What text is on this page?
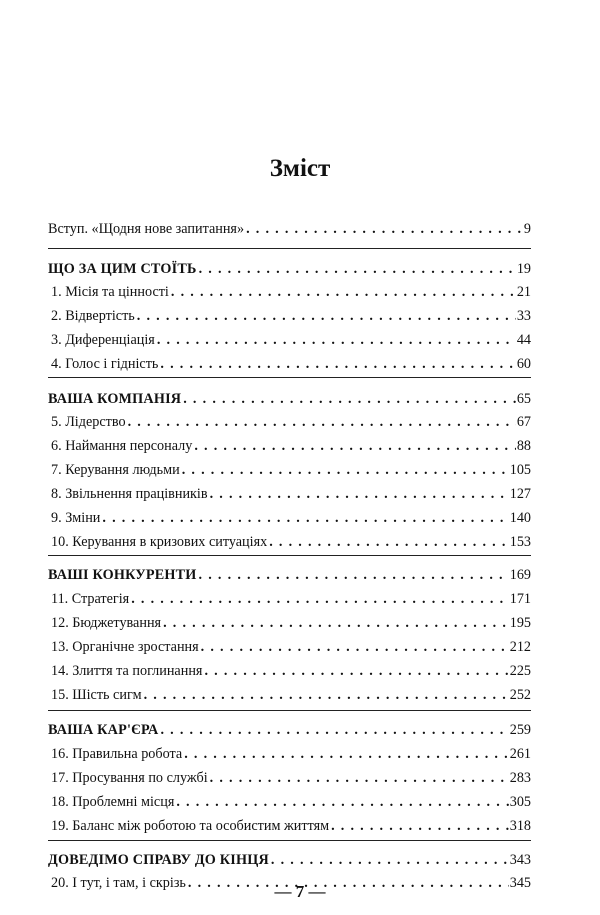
Зміст
Вступ. «Щодня нове запитання» . . .	9
ЩО ЗА ЦИМ СТОЇТЬ . . .	19
1. Місія та цінності . . .	21
2. Відвертість . . .	33
3. Диференціація . . .	44
4. Голос і гідність . . .	60
ВАША КОМПАНІЯ . . .	65
5. Лідерство . . .	67
6. Наймання персоналу . . .	88
7. Керування людьми . . .	105
8. Звільнення працівників . . .	127
9. Зміни . . .	140
10. Керування в кризових ситуаціях . . .	153
ВАШІ КОНКУРЕНТИ . . .	169
11. Стратегія . . .	171
12. Бюджетування . . .	195
13. Органічне зростання . . .	212
14. Злиття та поглинання . . .	225
15. Шість сигм . . .	252
ВАША КАР'ЄРА . . .	259
16. Правильна робота . . .	261
17. Просування по службі . . .	283
18. Проблемні місця . . .	305
19. Баланс між роботою та особистим життям . . .	318
ДОВЕДІМО СПРАВУ ДО КІНЦЯ . . .	343
20. І тут, і там, і скрізь . . .	345
— 7 —
